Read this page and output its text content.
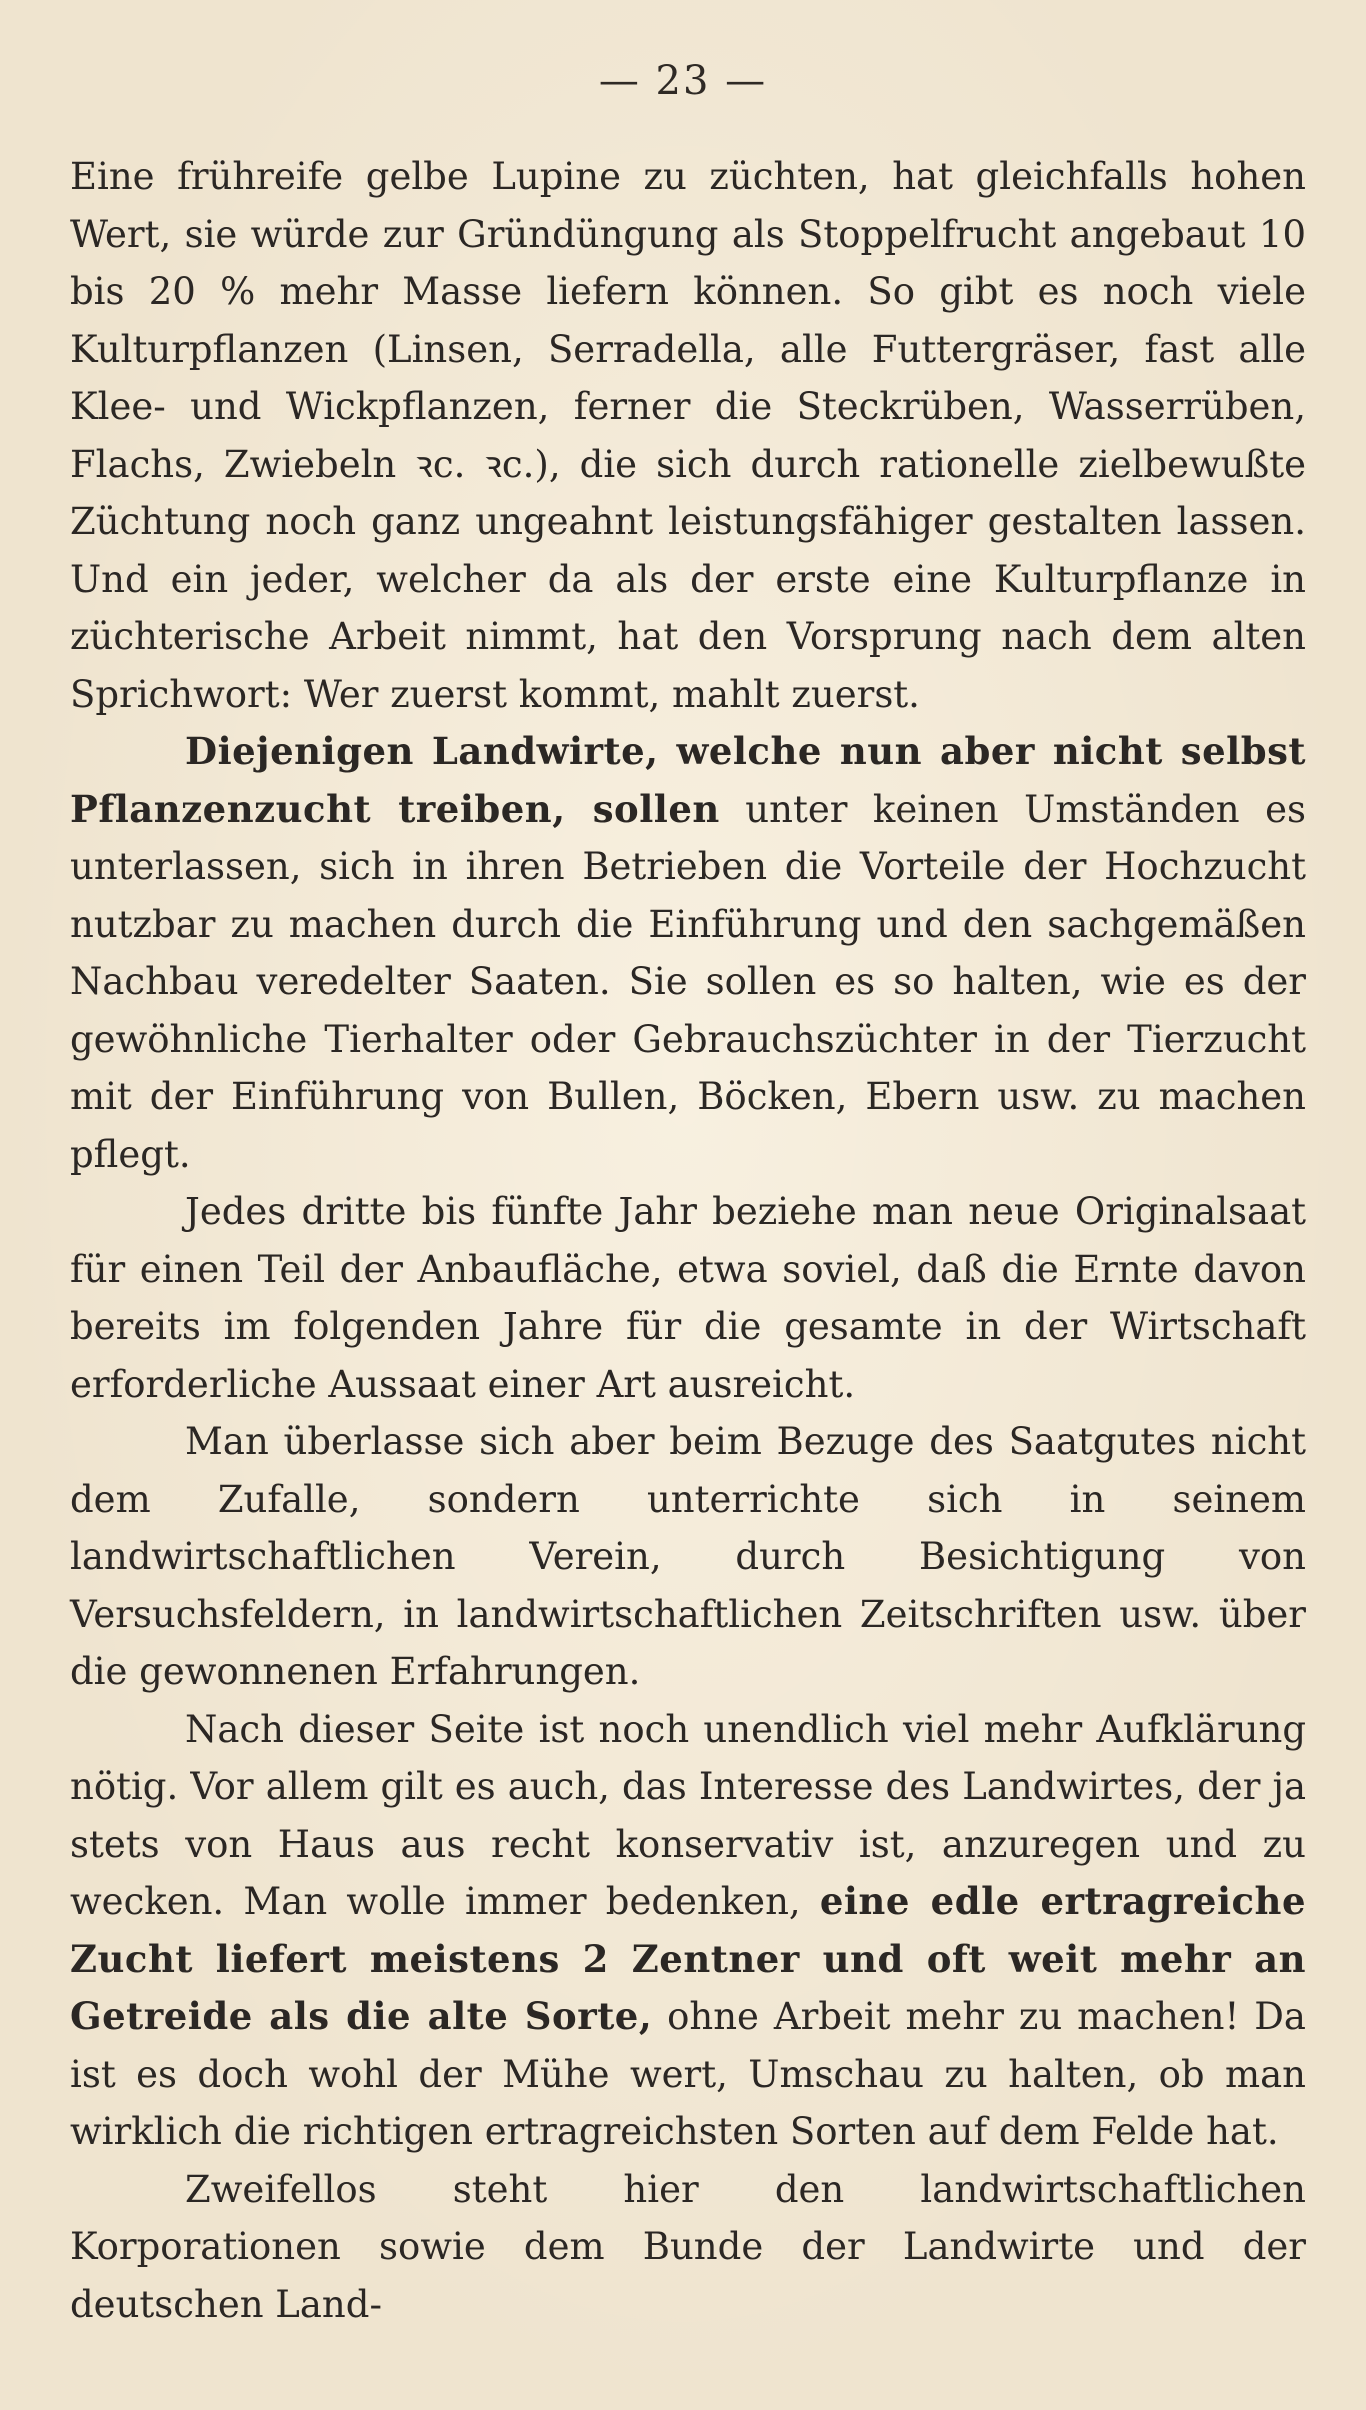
— 23 —

Eine frühreife gelbe Lupine zu züchten, hat gleichfalls hohen Wert, sie würde zur Gründüngung als Stoppelfrucht angebaut 10 bis 20 % mehr Masse liefern können. So gibt es noch viele Kulturpflanzen (Linsen, Serradella, alle Futtergräser, fast alle Klee- und Wickpflanzen, ferner die Steckrüben, Wasserrüben, Flachs, Zwiebeln ꝛc. ꝛc.), die sich durch rationelle zielbewußte Züchtung noch ganz ungeahnt leistungsfähiger gestalten lassen. Und ein jeder, welcher da als der erste eine Kulturpflanze in züchterische Arbeit nimmt, hat den Vorsprung nach dem alten Sprichwort: Wer zuerst kommt, mahlt zuerst.

Diejenigen Landwirte, welche nun aber nicht selbst Pflanzenzucht treiben, sollen unter keinen Umständen es unterlassen, sich in ihren Betrieben die Vorteile der Hochzucht nutzbar zu machen durch die Einführung und den sachgemäßen Nachbau veredelter Saaten. Sie sollen es so halten, wie es der gewöhnliche Tierhalter oder Gebrauchszüchter in der Tierzucht mit der Einführung von Bullen, Böcken, Ebern usw. zu machen pflegt.

Jedes dritte bis fünfte Jahr beziehe man neue Originalsaat für einen Teil der Anbaufläche, etwa soviel, daß die Ernte davon bereits im folgenden Jahre für die gesamte in der Wirtschaft erforderliche Aussaat einer Art ausreicht.

Man überlasse sich aber beim Bezuge des Saatgutes nicht dem Zufalle, sondern unterrichte sich in seinem landwirtschaftlichen Verein, durch Besichtigung von Versuchsfeldern, in landwirtschaftlichen Zeitschriften usw. über die gewonnenen Erfahrungen.

Nach dieser Seite ist noch unendlich viel mehr Aufklärung nötig. Vor allem gilt es auch, das Interesse des Landwirtes, der ja stets von Haus aus recht konservativ ist, anzuregen und zu wecken. Man wolle immer bedenken, eine edle ertragreiche Zucht liefert meistens 2 Zentner und oft weit mehr an Getreide als die alte Sorte, ohne Arbeit mehr zu machen! Da ist es doch wohl der Mühe wert, Umschau zu halten, ob man wirklich die richtigen ertragreichsten Sorten auf dem Felde hat.

Zweifellos steht hier den landwirtschaftlichen Korporationen sowie dem Bunde der Landwirte und der deutschen Land-
